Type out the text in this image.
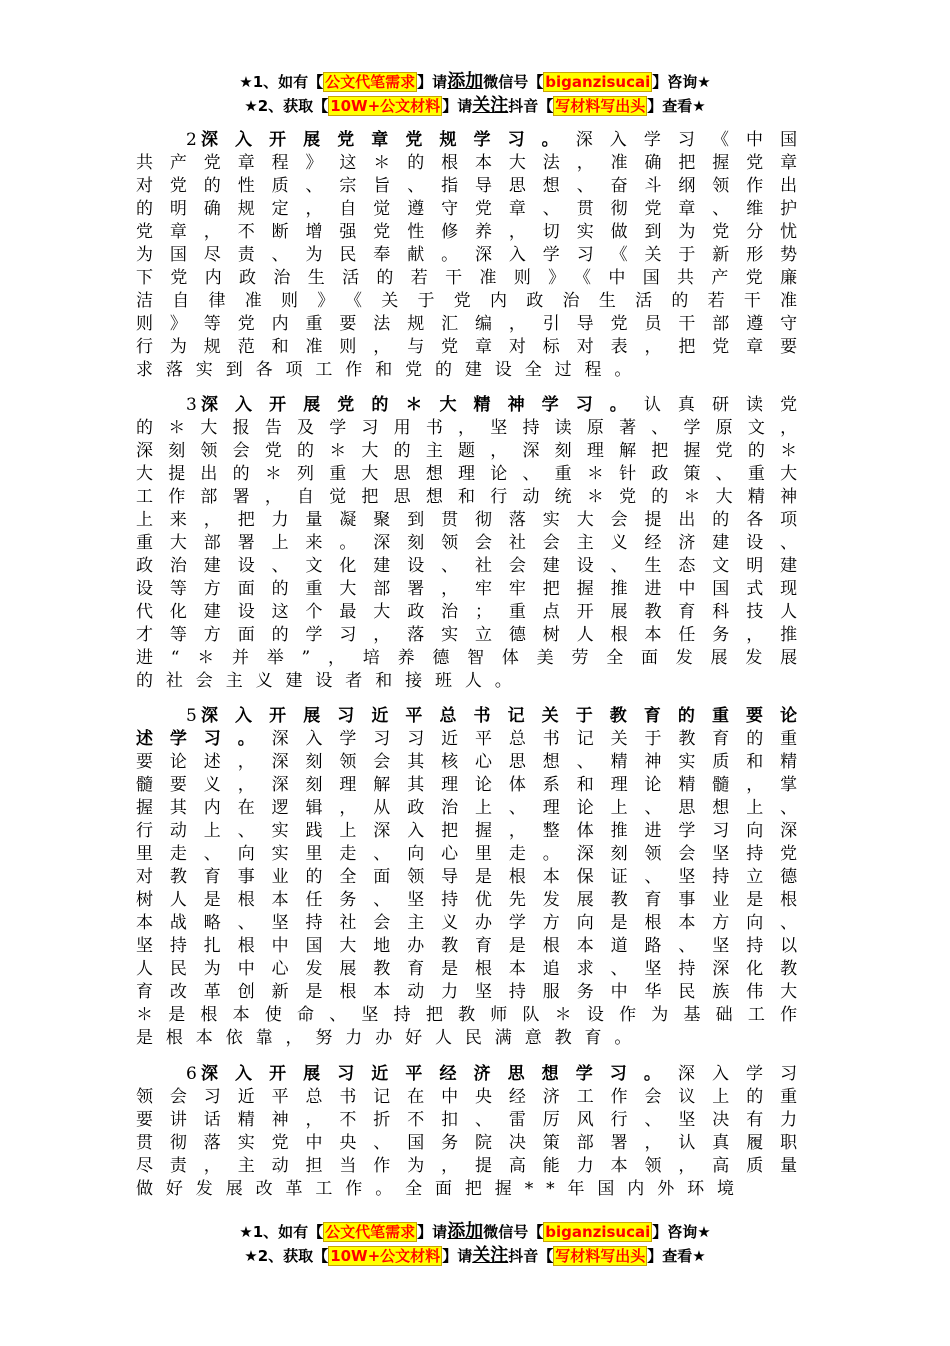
★1、如有【 公文代笔需求 】请添加微信号【 biganzisucai 】咨询★
★2、获取【 10W+公文材料 】请关注抖音【 写材料写出头 】查看★
2深入开展党章党规学习。深入学习《中国
共产党章程》这＊的根本大法，准确把握党章
对党的性质、宗旨、指导思想、奋斗纲领作出
的明确规定，自觉遵守党章、贯彻党章、维护
党章，不断增强党性修养，切实做到为党分忧
为国尽责、为民奉献。深入学习《关于新形势
下党内政治生活的若干准则》《中国共产党廉
洁自律准则》《关于党内政治生活的若干准
则》等党内重要法规汇编，引导党员干部遵守
行为规范和准则，与党章对标对表，把党章要
求落实到各项工作和党的建设全过程。
3深入开展党的＊大精神学习。认真研读党
的＊大报告及学习用书，坚持读原著、学原文，
深刻领会党的＊大的主题，深刻理解把握党的＊
大提出的＊列重大思想理论、重＊针政策、重大
工作部署，自觉把思想和行动统＊党的＊大精神
上来，把力量凝聚到贯彻落实大会提出的各项
重大部署上来。深刻领会社会主义经济建设、
政治建设、文化建设、社会建设、生态文明建
设等方面的重大部署，牢牢把握推进中国式现
代化建设这个最大政治；重点开展教育科技人
才等方面的学习，落实立德树人根本任务，推
进“＊并举”，培养德智体美劳全面发展发展
的社会主义建设者和接班人。
5深入开展习近平总书记关于教育的重要论
述学习。深入学习习近平总书记关于教育的重
要论述，深刻领会其核心思想、精神实质和精
髓要义，深刻理解其理论体系和理论精髓，掌
握其内在逻辑，从政治上、理论上、思想上、
行动上、实践上深入把握，整体推进学习向深
里走、向实里走、向心里走。深刻领会坚持党
对教育事业的全面领导是根本保证、坚持立德
树人是根本任务、坚持优先发展教育事业是根
本战略、坚持社会主义办学方向是根本方向、
坚持扎根中国大地办教育是根本道路、坚持以
人民为中心发展教育是根本追求、坚持深化教
育改革创新是根本动力坚持服务中华民族伟大
＊是根本使命、坚持把教师队＊设作为基础工作
是根本依靠，努力办好人民满意教育。
6深入开展习近平经济思想学习。深入学习
领会习近平总书记在中央经济工作会议上的重
要讲话精神，不折不扣、雷厉风行、坚决有力
贯彻落实党中央、国务院决策部署，认真履职
尽责，主动担当作为，提高能力本领，高质量
做好发展改革工作。全面把握**年国内外环境
★1、如有【 公文代笔需求 】请添加微信号【 biganzisucai 】咨询★
★2、获取【 10W+公文材料 】请关注抖音【 写材料写出头 】查看★
